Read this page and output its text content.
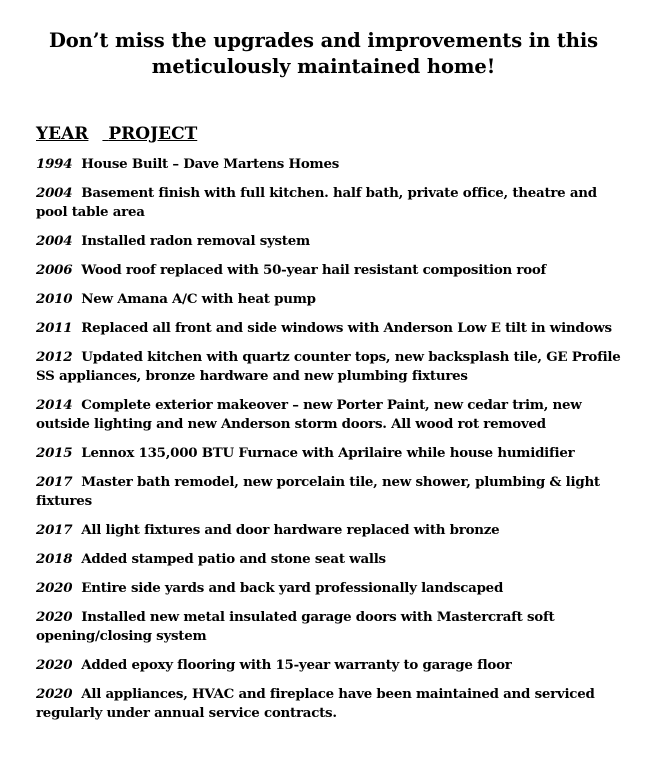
Don’t miss the upgrades and improvements in this
meticulously maintained home!
YEAR PROJECT
1994 House Built – Dave Martens Homes
2004 Basement finish with full kitchen. half bath, private office, theatre and pool table area
2004 Installed radon removal system
2006 Wood roof replaced with 50-year hail resistant composition roof
2010 New Amana A/C with heat pump
2011 Replaced all front and side windows with Anderson Low E tilt in windows
2012 Updated kitchen with quartz counter tops, new backsplash tile, GE Profile SS appliances, bronze hardware and new plumbing fixtures
2014 Complete exterior makeover – new Porter Paint, new cedar trim, new outside lighting and new Anderson storm doors. All wood rot removed
2015 Lennox 135,000 BTU Furnace with Aprilaire while house humidifier
2017 Master bath remodel, new porcelain tile, new shower, plumbing & light fixtures
2017 All light fixtures and door hardware replaced with bronze
2018 Added stamped patio and stone seat walls
2020 Entire side yards and back yard professionally landscaped
2020 Installed new metal insulated garage doors with Mastercraft soft opening/closing system
2020 Added epoxy flooring with 15-year warranty to garage floor
2020 All appliances, HVAC and fireplace have been maintained and serviced regularly under annual service contracts.
